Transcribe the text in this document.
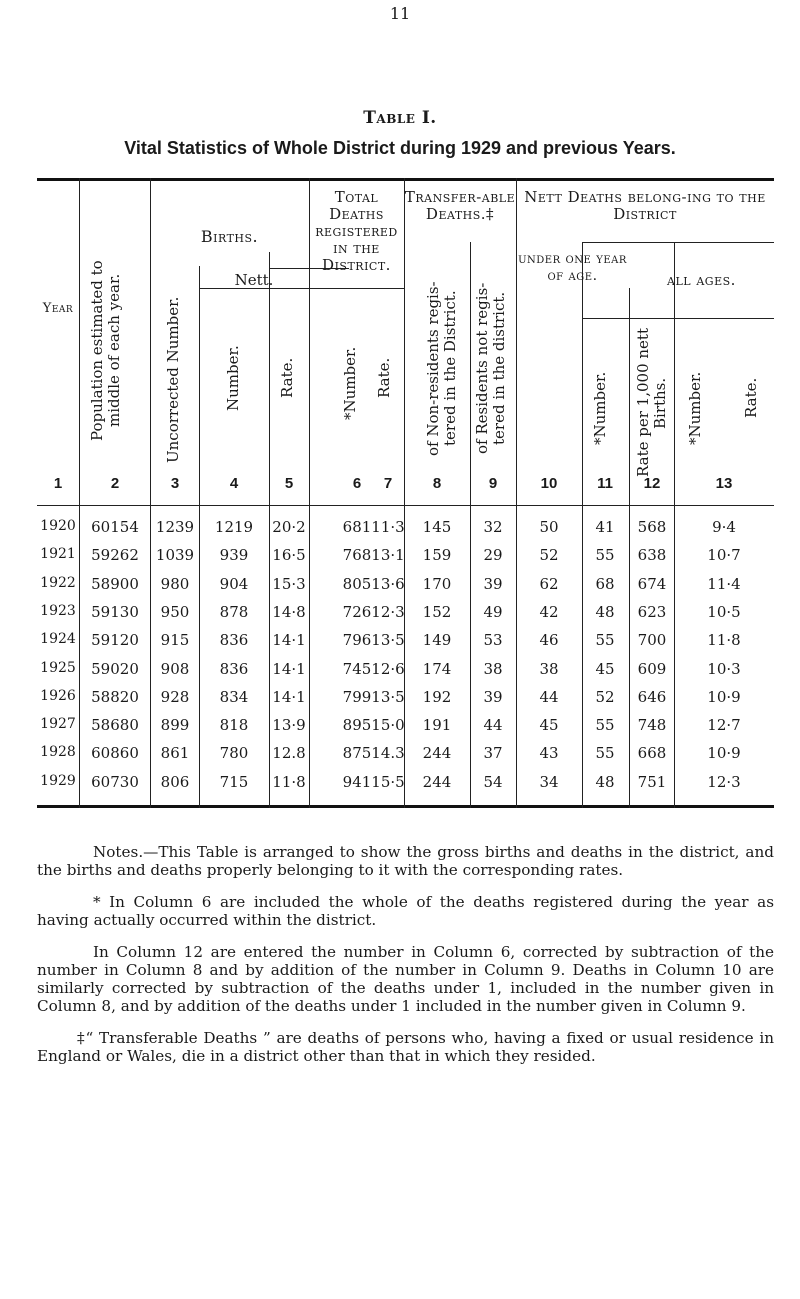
11
Table I.
Vital Statistics of Whole District during 1929 and previous Years.
Year Population estimated to middle of each year.
Births.
Uncorrected Number.
Nett.
Number. Rate.
Total Deaths registered in the District.
*Number. Rate.
Transfer-able Deaths.‡
of Non-residents regis-tered in the District. of Residents not regis-tered in the district.
Nett Deaths belong-ing to the District
under one year of age.
*Number. Rate per 1,000 nett Births.
all ages.
*Number.	Rate.
1	2	3	4	5	6	7	8	9	10	11	12	13
1920	60154	1239	1219	20·2	681 11·3	145	32	50	41	568	9·4
1921	59262	1039	939	16·5	768 13·1	159	29	52	55	638	10·7
1922	58900	980	904	15·3	805 13·6	170	39	62	68	674	11·4
1923	59130	950	878	14·8	726 12·3	152	49	42	48	623	10·5
1924	59120	915	836	14·1	796 13·5	149	53	46	55	700	11·8
1925	59020	908	836	14·1	745 12·6	174	38	38	45	609	10·3
1926	58820	928	834	14·1	799 13·5	192	39	44	52	646	10·9
1927	58680	899	818	13·9	895 15·0	191	44	45	55	748	12·7
1928	60860	861	780	12.8	875 14.3	244	37	43	55	668	10·9
1929	60730	806	715	11·8	941 15·5	244	54	34	48	751	12·3

Notes.—This Table is arranged to show the gross births and deaths in the district, and the births and deaths properly belonging to it with the corresponding rates.

* In Column 6 are included the whole of the deaths registered during the year as having actually occurred within the district.

In Column 12 are entered the number in Column 6, corrected by subtraction of the number in Column 8 and by addition of the number in Column 9. Deaths in Column 10 are similarly corrected by subtraction of the deaths under 1, included in the number given in Column 8, and by addition of the deaths under 1 included in the number given in Column 9.

‡“ Transferable Deaths ” are deaths of persons who, having a fixed or usual residence in England or Wales, die in a district other than that in which they resided.
